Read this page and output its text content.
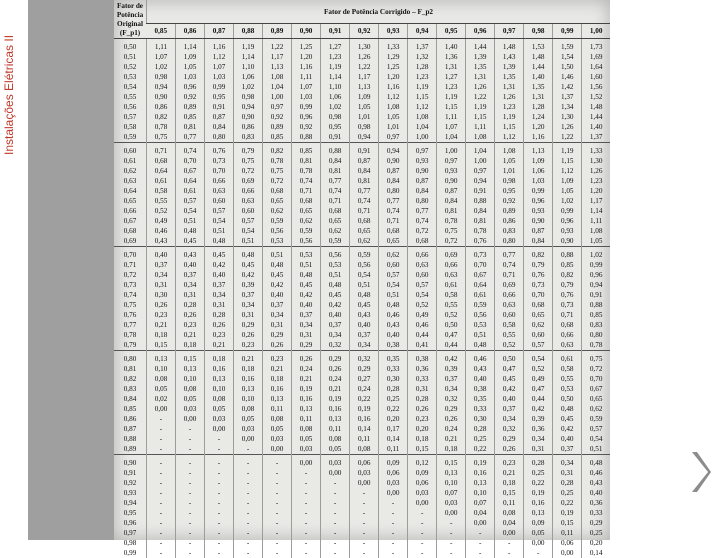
Instalações Elétricas II
Fator de
Potência
Original
(F_p1)	Fator de Potência Corrigido – F_p2															
	0,85	0,86	0,87	0,88	0,89	0,90	0,91	0,92	0,93	0,94	0,95	0,96	0,97	0,98	0,99	1,00
0,50	1,11	1,14	1,16	1,19	1,22	1,25	1,27	1,30	1,33	1,37	1,40	1,44	1,48	1,53	1,59	1,73
0,51	1,07	1,09	1,12	1,14	1,17	1,20	1,23	1,26	1,29	1,32	1,36	1,39	1,43	1,48	1,54	1,69
0,52	1,02	1,05	1,07	1,10	1,13	1,16	1,19	1,22	1,25	1,28	1,31	1,35	1,39	1,44	1,50	1,64
0,53	0,98	1,03	1,03	1,06	1,08	1,11	1,14	1,17	1,20	1,23	1,27	1,31	1,35	1,40	1,46	1,60
0,54	0,94	0,96	0,99	1,02	1,04	1,07	1,10	1,13	1,16	1,19	1,23	1,26	1,31	1,35	1,42	1,56
0,55	0,90	0,92	0,95	0,98	1,00	1,03	1,06	1,09	1,12	1,15	1,19	1,22	1,26	1,31	1,37	1,52
0,56	0,86	0,89	0,91	0,94	0,97	0,99	1,02	1,05	1,08	1,12	1,15	1,19	1,23	1,28	1,34	1,48
0,57	0,82	0,85	0,87	0,90	0,92	0,96	0,98	1,01	1,05	1,08	1,11	1,15	1,19	1,24	1,30	1,44
0,58	0,78	0,81	0,84	0,86	0,89	0,92	0,95	0,98	1,01	1,04	1,07	1,11	1,15	1,20	1,26	1,40
0,59	0,75	0,77	0,80	0,83	0,85	0,88	0,91	0,94	0,97	1,00	1,04	1,08	1,12	1,16	1,22	1,37
0,60	0,71	0,74	0,76	0,79	0,82	0,85	0,88	0,91	0,94	0,97	1,00	1,04	1,08	1,13	1,19	1,33
0,61	0,68	0,70	0,73	0,75	0,78	0,81	0,84	0,87	0,90	0,93	0,97	1,00	1,05	1,09	1,15	1,30
0,62	0,64	0,67	0,70	0,72	0,75	0,78	0,81	0,84	0,87	0,90	0,93	0,97	1,01	1,06	1,12	1,26
0,63	0,61	0,64	0,66	0,69	0,72	0,74	0,77	0,81	0,84	0,87	0,90	0,94	0,98	1,03	1,09	1,23
0,64	0,58	0,61	0,63	0,66	0,68	0,71	0,74	0,77	0,80	0,84	0,87	0,91	0,95	0,99	1,05	1,20
0,65	0,55	0,57	0,60	0,63	0,65	0,68	0,71	0,74	0,77	0,80	0,84	0,88	0,92	0,96	1,02	1,17
0,66	0,52	0,54	0,57	0,60	0,62	0,65	0,68	0,71	0,74	0,77	0,81	0,84	0,89	0,93	0,99	1,14
0,67	0,49	0,51	0,54	0,57	0,59	0,62	0,65	0,68	0,71	0,74	0,78	0,81	0,86	0,90	0,96	1,11
0,68	0,46	0,48	0,51	0,54	0,56	0,59	0,62	0,65	0,68	0,72	0,75	0,78	0,83	0,87	0,93	1,08
0,69	0,43	0,45	0,48	0,51	0,53	0,56	0,59	0,62	0,65	0,68	0,72	0,76	0,80	0,84	0,90	1,05
0,70	0,40	0,43	0,45	0,48	0,51	0,53	0,56	0,59	0,62	0,66	0,69	0,73	0,77	0,82	0,88	1,02
0,71	0,37	0,40	0,42	0,45	0,48	0,51	0,53	0,56	0,60	0,63	0,66	0,70	0,74	0,79	0,85	0,99
0,72	0,34	0,37	0,40	0,42	0,45	0,48	0,51	0,54	0,57	0,60	0,63	0,67	0,71	0,76	0,82	0,96
0,73	0,31	0,34	0,37	0,39	0,42	0,45	0,48	0,51	0,54	0,57	0,61	0,64	0,69	0,73	0,79	0,94
0,74	0,30	0,31	0,34	0,37	0,40	0,42	0,45	0,48	0,51	0,54	0,58	0,61	0,66	0,70	0,76	0,91
0,75	0,26	0,28	0,31	0,34	0,37	0,40	0,42	0,45	0,48	0,52	0,55	0,59	0,63	0,68	0,73	0,88
0,76	0,23	0,26	0,28	0,31	0,34	0,37	0,40	0,43	0,46	0,49	0,52	0,56	0,60	0,65	0,71	0,85
0,77	0,21	0,23	0,26	0,29	0,31	0,34	0,37	0,40	0,43	0,46	0,50	0,53	0,58	0,62	0,68	0,83
0,78	0,18	0,21	0,23	0,26	0,29	0,31	0,34	0,37	0,40	0,44	0,47	0,51	0,55	0,60	0,66	0,80
0,79	0,15	0,18	0,21	0,23	0,26	0,29	0,32	0,34	0,38	0,41	0,44	0,48	0,52	0,57	0,63	0,78
0,80	0,13	0,15	0,18	0,21	0,23	0,26	0,29	0,32	0,35	0,38	0,42	0,46	0,50	0,54	0,61	0,75
0,81	0,10	0,13	0,16	0,18	0,21	0,24	0,26	0,29	0,33	0,36	0,39	0,43	0,47	0,52	0,58	0,72
0,82	0,08	0,10	0,13	0,16	0,18	0,21	0,24	0,27	0,30	0,33	0,37	0,40	0,45	0,49	0,55	0,70
0,83	0,05	0,08	0,10	0,13	0,16	0,19	0,21	0,24	0,28	0,31	0,34	0,38	0,42	0,47	0,53	0,67
0,84	0,02	0,05	0,08	0,10	0,13	0,16	0,19	0,22	0,25	0,28	0,32	0,35	0,40	0,44	0,50	0,65
0,85	0,00	0,03	0,05	0,08	0,11	0,13	0,16	0,19	0,22	0,26	0,29	0,33	0,37	0,42	0,48	0,62
0,86	-	0,00	0,03	0,05	0,08	0,11	0,13	0,16	0,20	0,23	0,26	0,30	0,34	0,39	0,45	0,59
0,87	-	-	0,00	0,03	0,05	0,08	0,11	0,14	0,17	0,20	0,24	0,28	0,32	0,36	0,42	0,57
0,88	-	-	-	0,00	0,03	0,05	0,08	0,11	0,14	0,18	0,21	0,25	0,29	0,34	0,40	0,54
0,89	-	-	-	-	0,00	0,03	0,05	0,08	0,11	0,15	0,18	0,22	0,26	0,31	0,37	0,51
0,90	-	-	-	-	-	0,00	0,03	0,06	0,09	0,12	0,15	0,19	0,23	0,28	0,34	0,48
0,91	-	-	-	-	-	-	0,00	0,03	0,06	0,09	0,13	0,16	0,21	0,25	0,31	0,46
0,92	-	-	-	-	-	-	-	0,00	0,03	0,06	0,10	0,13	0,18	0,22	0,28	0,43
0,93	-	-	-	-	-	-	-	-	0,00	0,03	0,07	0,10	0,15	0,19	0,25	0,40
0,94	-	-	-	-	-	-	-	-	-	0,00	0,03	0,07	0,11	0,16	0,22	0,36
0,95	-	-	-	-	-	-	-	-	-	-	0,00	0,04	0,08	0,13	0,19	0,33
0,96	-	-	-	-	-	-	-	-	-	-	-	0,00	0,04	0,09	0,15	0,29
0,97	-	-	-	-	-	-	-	-	-	-	-	-	0,00	0,05	0,11	0,25
0,98	-	-	-	-	-	-	-	-	-	-	-	-	-	0,00	0,06	0,20
0,99	-	-	-	-	-	-	-	-	-	-	-	-	-	-	0,00	0,14
